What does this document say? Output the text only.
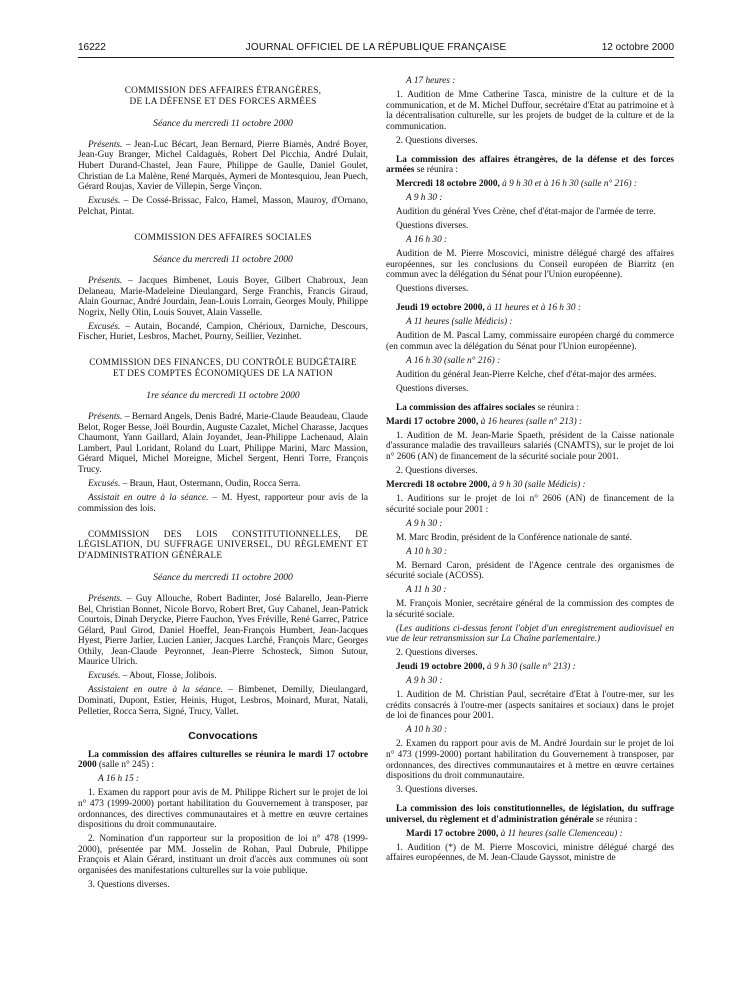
16222	JOURNAL OFFICIEL DE LA RÉPUBLIQUE FRANÇAISE	12 octobre 2000
COMMISSION DES AFFAIRES ÉTRANGÈRES,
DE LA DÉFENSE ET DES FORCES ARMÉES
Séance du mercredi 11 octobre 2000

Présents. – Jean-Luc Bécart, Jean Bernard, Pierre Biarnès, André Boyer, Jean-Guy Branger, Michel Caldaguès, Robert Del Picchia, André Dulait, Hubert Durand-Chastel, Jean Faure, Philippe de Gaulle, Daniel Goulet, Christian de La Malène, René Marquès, Aymeri de Montesquiou, Jean Puech, Gérard Roujas, Xavier de Villepin, Serge Vinçon.

Excusés. – De Cossé-Brissac, Falco, Hamel, Masson, Mauroy, d'Ornano, Pelchat, Pintat.

COMMISSION DES AFFAIRES SOCIALES
Séance du mercredi 11 octobre 2000

Présents. – Jacques Bimbenet, Louis Boyer, Gilbert Chabroux, Jean Delaneau, Marie-Madeleine Dieulangard, Serge Franchis, Francis Giraud, Alain Gournac, André Jourdain, Jean-Louis Lorrain, Georges Mouly, Philippe Nogrix, Nelly Olin, Louis Souvet, Alain Vasselle.

Excusés. – Autain, Bocandé, Campion, Chérioux, Darniche, Descours, Fischer, Huriet, Lesbros, Machet, Pourny, Seillier, Vezinhet.

COMMISSION DES FINANCES, DU CONTRÔLE BUDGÉTAIRE
ET DES COMPTES ÉCONOMIQUES DE LA NATION
1re séance du mercredi 11 octobre 2000

Présents. – Bernard Angels, Denis Badré, Marie-Claude Beaudeau, Claude Belot, Roger Besse, Joël Bourdin, Auguste Cazalet, Michel Charasse, Jacques Chaumont, Yann Gaillard, Alain Joyandet, Jean-Philippe Lachenaud, Alain Lambert, Paul Loridant, Roland du Luart, Philippe Marini, Marc Massion, Gérard Miquel, Michel Moreigne, Michel Sergent, Henri Torre, François Trucy.

Excusés. – Braun, Haut, Ostermann, Oudin, Rocca Serra.

Assistait en outre à la séance. – M. Hyest, rapporteur pour avis de la commission des lois.

COMMISSION DES LOIS CONSTITUTIONNELLES, DE LÉGISLATION, DU SUFFRAGE UNIVERSEL, DU RÈGLEMENT ET D'ADMINISTRATION GÉNÉRALE

Séance du mercredi 11 octobre 2000

Présents. – Guy Allouche, Robert Badinter, José Balarello, Jean-Pierre Bel, Christian Bonnet, Nicole Borvo, Robert Bret, Guy Cabanel, Jean-Patrick Courtois, Dinah Derycke, Pierre Fauchon, Yves Fréville, René Garrec, Patrice Gélard, Paul Girod, Daniel Hoeffel, Jean-François Humbert, Jean-Jacques Hyest, Pierre Jarlier, Lucien Lanier, Jacques Larché, François Marc, Georges Othily, Jean-Claude Peyronnet, Jean-Pierre Schosteck, Simon Sutour, Maurice Ulrich.

Excusés. – About, Flosse, Jolibois.

Assistaient en outre à la séance. – Bimbenet, Demilly, Dieulangard, Dominati, Dupont, Estier, Heinis, Hugot, Lesbros, Moinard, Murat, Natali, Pelletier, Rocca Serra, Signé, Trucy, Vallet.

Convocations

La commission des affaires culturelles se réunira le mardi 17 octobre 2000 (salle n° 245) :

A 16 h 15 :

1. Examen du rapport pour avis de M. Philippe Richert sur le projet de loi n° 473 (1999-2000) portant habilitation du Gouvernement à transposer, par ordonnances, des directives communautaires et à mettre en œuvre certaines dispositions du droit communautaire.

2. Nomination d'un rapporteur sur la proposition de loi n° 478 (1999-2000), présentée par MM. Josselin de Rohan, Paul Dubrule, Philippe François et Alain Gérard, instituant un droit d'accès aux communes où sont organisées des manifestations culturelles sur la voie publique.

3. Questions diverses.

A 17 heures :

1. Audition de Mme Catherine Tasca, ministre de la culture et de la communication, et de M. Michel Duffour, secrétaire d'Etat au patrimoine et à la décentralisation culturelle, sur les projets de budget de la culture et de la communication.

2. Questions diverses.

La commission des affaires étrangères, de la défense et des forces armées se réunira :

Mercredi 18 octobre 2000, à 9 h 30 et à 16 h 30 (salle n° 216) :

A 9 h 30 :

Audition du général Yves Crène, chef d'état-major de l'armée de terre.

Questions diverses.

A 16 h 30 :

Audition de M. Pierre Moscovici, ministre délégué chargé des affaires européennes, sur les conclusions du Conseil européen de Biarritz (en commun avec la délégation du Sénat pour l'Union européenne).

Questions diverses.

Jeudi 19 octobre 2000, à 11 heures et à 16 h 30 :

A 11 heures (salle Médicis) :

Audition de M. Pascal Lamy, commissaire européen chargé du commerce (en commun avec la délégation du Sénat pour l'Union européenne).

A 16 h 30 (salle n° 216) :

Audition du général Jean-Pierre Kelche, chef d'état-major des armées.

Questions diverses.

La commission des affaires sociales se réunira :

Mardi 17 octobre 2000, à 16 heures (salle n° 213) :

1. Audition de M. Jean-Marie Spaeth, président de la Caisse nationale d'assurance maladie des travailleurs salariés (CNAMTS), sur le projet de loi n° 2606 (AN) de financement de la sécurité sociale pour 2001.

2. Questions diverses.

Mercredi 18 octobre 2000, à 9 h 30 (salle Médicis) :

1. Auditions sur le projet de loi n° 2606 (AN) de financement de la sécurité sociale pour 2001 :

A 9 h 30 :

M. Marc Brodin, président de la Conférence nationale de santé.

A 10 h 30 :

M. Bernard Caron, président de l'Agence centrale des organismes de sécurité sociale (ACOSS).

A 11 h 30 :

M. François Monier, secrétaire général de la commission des comptes de la sécurité sociale.

(Les auditions ci-dessus feront l'objet d'un enregistrement audiovisuel en vue de leur retransmission sur La Chaîne parlementaire.)

2. Questions diverses.

Jeudi 19 octobre 2000, à 9 h 30 (salle n° 213) :

A 9 h 30 :

1. Audition de M. Christian Paul, secrétaire d'Etat à l'outre-mer, sur les crédits consacrés à l'outre-mer (aspects sanitaires et sociaux) dans le projet de loi de finances pour 2001.

A 10 h 30 :

2. Examen du rapport pour avis de M. André Jourdain sur le projet de loi n° 473 (1999-2000) portant habilitation du Gouvernement à transposer, par ordonnances, des directives communautaires et à mettre en œuvre certaines dispositions du droit communautaire.

3. Questions diverses.

La commission des lois constitutionnelles, de législation, du suffrage universel, du règlement et d'administration générale se réunira :

Mardi 17 octobre 2000, à 11 heures (salle Clemenceau) :

1. Audition (*) de M. Pierre Moscovici, ministre délégué chargé des affaires européennes, de M. Jean-Claude Gayssot, ministre de
